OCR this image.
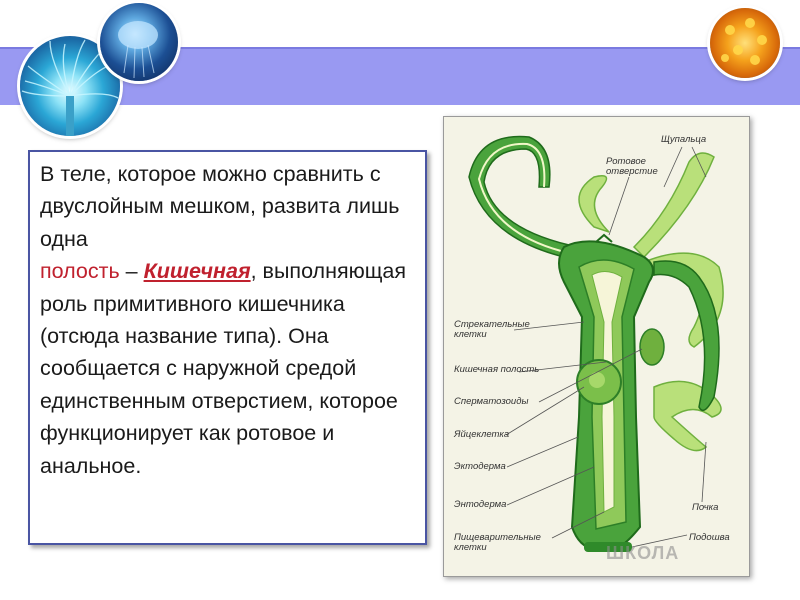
В теле, которое можно сравнить с двуслойным мешком, развита лишь одна
полость – Кишечная, выполняющая роль примитивного кишечника (отсюда название типа). Она сообщается с наружной средой единственным отверстием, которое функционирует как ротовое и анальное.

Щупальца
Ротовое
отверстие
Стрекательные
клетки
Кишечная полость
Сперматозоиды
Яйцеклетка
Эктодерма
Энтодерма
Пищеварительные
клетки
Почка
Подошва
ШКОЛА
